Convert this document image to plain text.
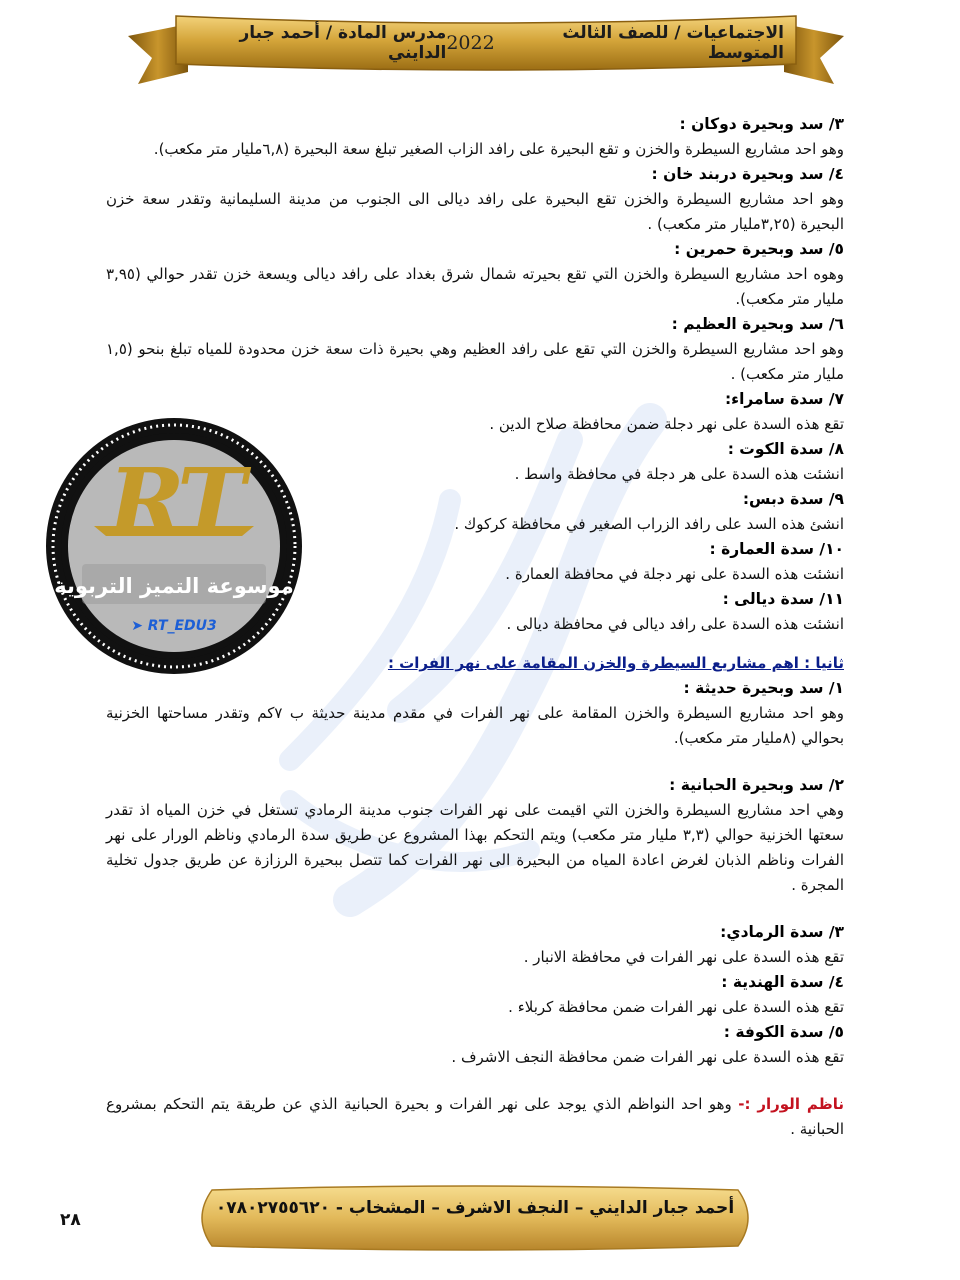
الاجتماعيات / للصف الثالث المتوسط
2022
مدرس المادة / أحمد جبار الدايني
RT
موسوعة التميز التربوية
➤ RT_EDU3
٣/ سد وبحيرة دوكان :
وهو احد مشاريع السيطرة والخزن و تقع البحيرة على رافد الزاب الصغير تبلغ سعة البحيرة (٦,٨مليار متر مكعب).
٤/ سد وبحيرة دربند خان :
وهو احد مشاريع السيطرة والخزن تقع البحيرة على رافد ديالى الى الجنوب من مدينة السليمانية وتقدر سعة خزن البحيرة (٣,٢٥مليار متر مكعب) .
٥/ سد وبحيرة حمرين :
وهوه احد مشاريع السيطرة والخزن التي تقع بحيرته شمال شرق بغداد على رافد ديالى ويسعة خزن تقدر حوالي (٣,٩٥ مليار متر مكعب).
٦/ سد وبحيرة العظيم :
وهو احد مشاريع السيطرة والخزن التي تقع على رافد العظيم وهي بحيرة ذات سعة خزن محدودة للمياه تبلغ بنحو (١,٥ مليار متر مكعب) .
٧/ سدة سامراء:
تقع هذه السدة على نهر دجلة ضمن محافظة صلاح الدين .
٨/ سدة الكوت :
انشئت هذه السدة على هر دجلة في محافظة واسط .
٩/ سدة دبس:
انشئ هذه السد على رافد الزراب الصغير في محافظة كركوك .
١٠/ سدة العمارة :
انشئت هذه السدة على نهر دجلة في محافظة العمارة .
١١/ سدة ديالى :
انشئت هذه السدة على رافد ديالى في محافظة ديالى .
ثانيا : اهم مشاريع السيطرة والخزن المقامة على نهر الفرات :
١/ سد وبحيرة حديثة :
وهو احد مشاريع السيطرة والخزن المقامة على نهر الفرات في مقدم مدينة حديثة ب ٧كم وتقدر مساحتها الخزنية بحوالي (٨مليار متر مكعب).
٢/ سد وبحيرة الحبانية :
وهي احد مشاريع السيطرة والخزن التي اقيمت على نهر الفرات جنوب مدينة الرمادي تستغل في خزن المياه اذ تقدر سعتها الخزنية حوالي (٣,٣ مليار متر مكعب) ويتم التحكم بهذا المشروع عن طريق سدة الرمادي وناظم الورار على نهر الفرات وناظم الذبان لغرض اعادة المياه من البحيرة الى نهر الفرات كما تتصل ببحيرة الرزازة عن طريق جدول تخلية المجرة .
٣/ سدة الرمادي:
تقع هذه السدة على نهر الفرات في محافظة الانبار .
٤/ سدة الهندية :
تقع هذه السدة على نهر الفرات ضمن محافظة كربلاء .
٥/ سدة الكوفة :
تقع هذه السدة على نهر الفرات ضمن محافظة النجف الاشرف .
ناظم الورار :- وهو احد النواظم الذي يوجد على نهر الفرات و بحيرة الحبانية الذي عن طريقة يتم التحكم بمشروع الحبانية .
أحمد جبار الدايني – النجف الاشرف – المشخاب - ٠٧٨٠٢٧٥٥٦٢٠
٢٨
